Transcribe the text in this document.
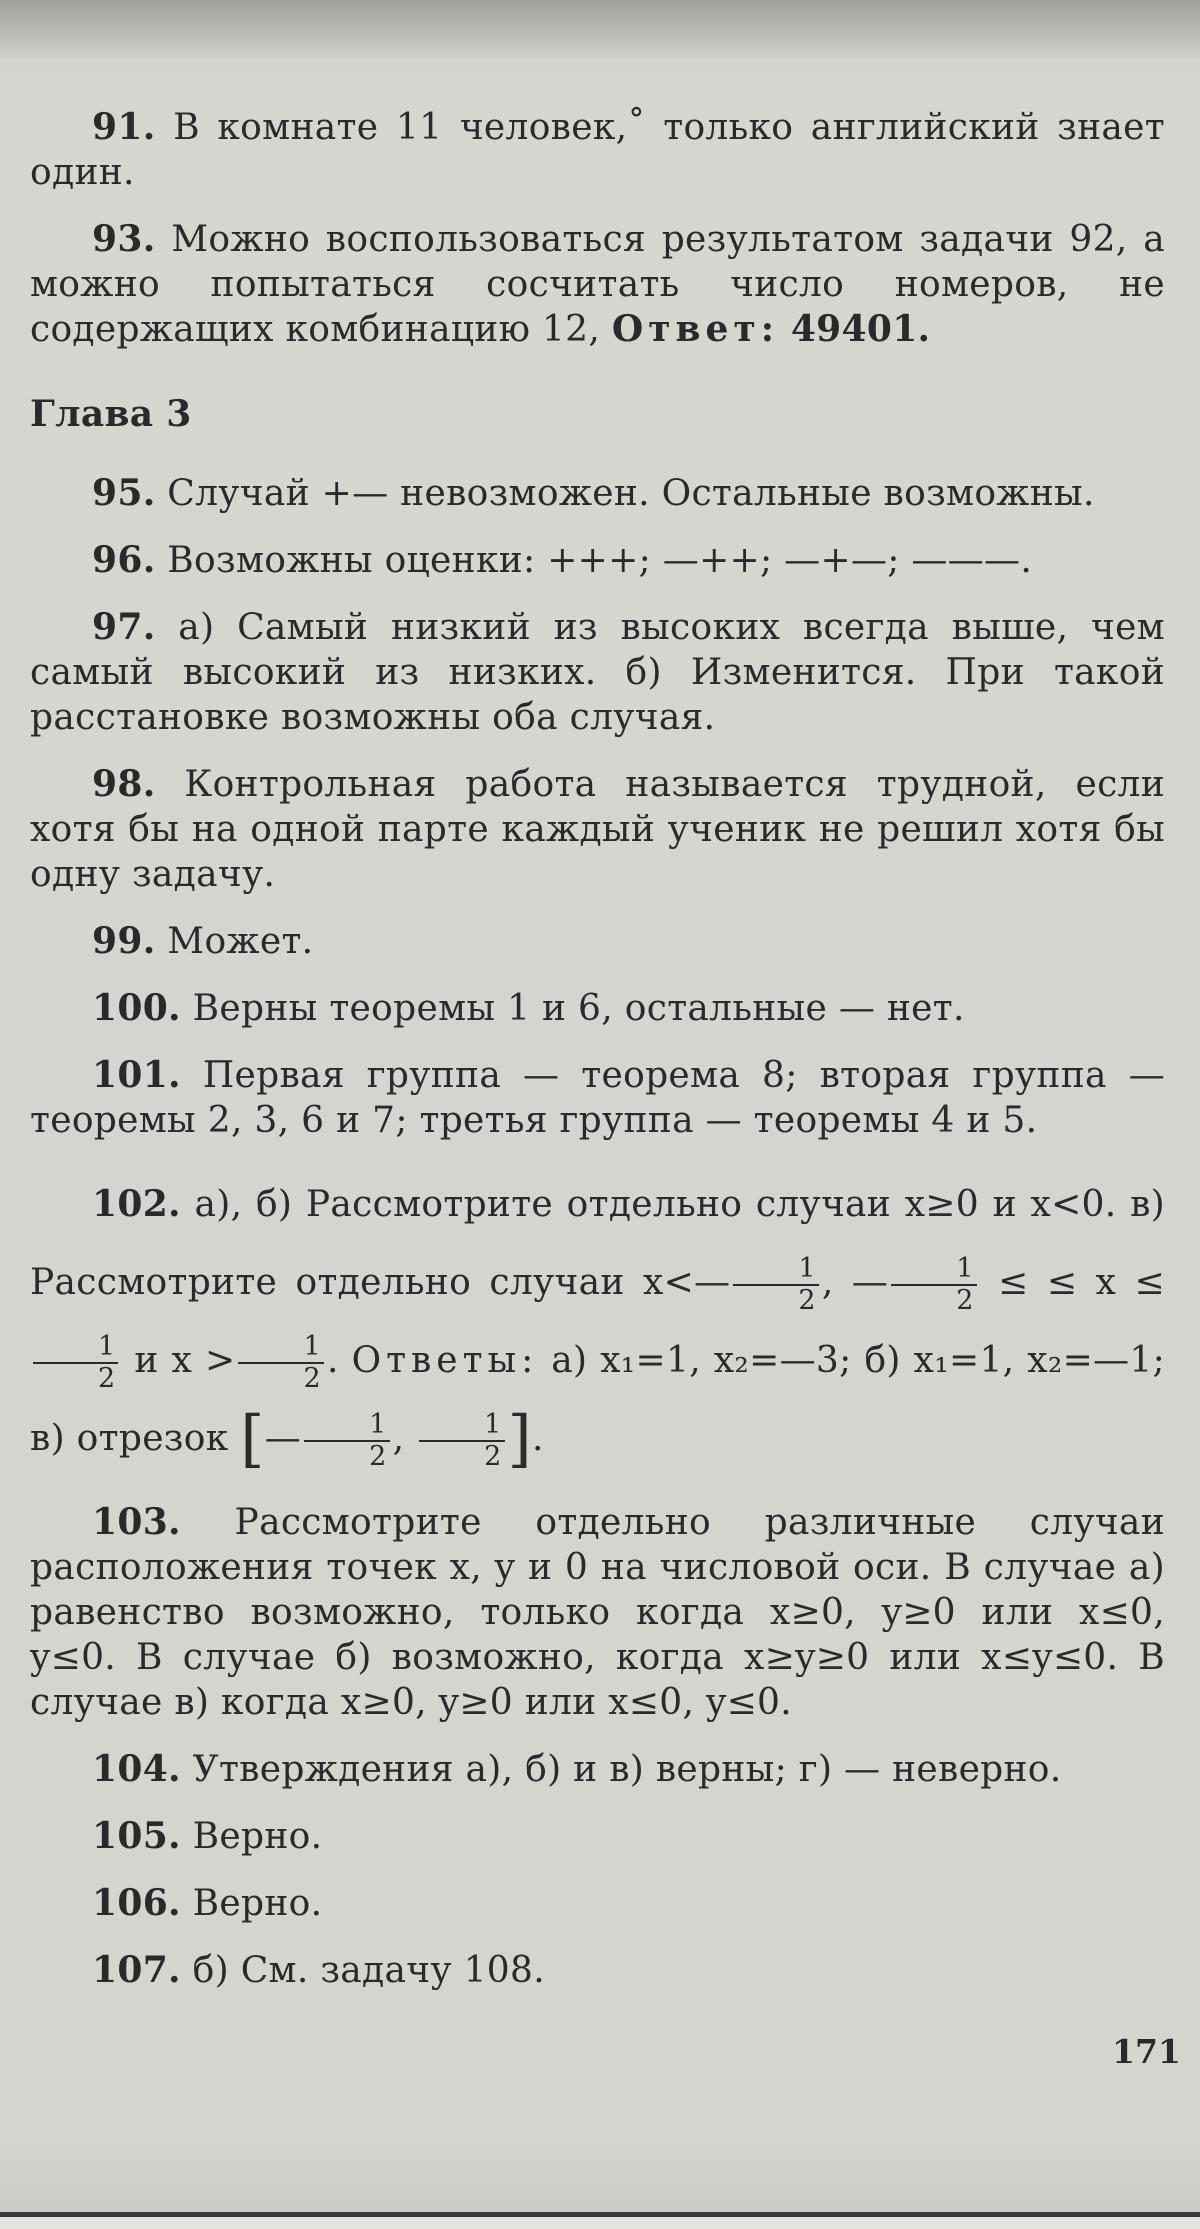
91. В комнате 11 человек,˚ только английский знает один.

93. Можно воспользоваться результатом задачи 92, а можно попытаться сосчитать число номеров, не содержащих комбинацию 12, Ответ: 49401.

Глава 3

95. Случай +— невозможен. Остальные возможны.

96. Возможны оценки: +++; —++; —+—; ———.

97. а) Самый низкий из высоких всегда выше, чем самый высокий из низких. б) Изменится. При такой расстановке возможны оба случая.

98. Контрольная работа называется трудной, если хотя бы на одной парте каждый ученик не решил хотя бы одну задачу.

99. Может.

100. Верны теоремы 1 и 6, остальные — нет.

101. Первая группа — теорема 8; вторая группа — теоремы 2, 3, 6 и 7; третья группа — теоремы 4 и 5.

102. а), б) Рассмотрите отдельно случаи x≥0 и x<0. в) Рассмотрите отдельно случаи x<— $\frac{1}{2}$ , — $\frac{1}{2}$ ≤ ≤ x ≤
$\frac{1}{2}$ и $x > \frac{1}{2}$ . Ответы: а) x₁=1, x₂=—3; б) x₁=1, x₂=—1; в) отрезок [— $\frac{1}{2}$ , $\frac{1}{2}$ ].

103. Рассмотрите отдельно различные случаи расположения точек x, y и 0 на числовой оси. В случае а) равенство возможно, только когда x≥0, y≥0 или x≤0, y≤0. В случае б) возможно, когда x≥y≥0 или x≤y≤0. В случае в) когда x≥0, y≥0 или x≤0, y≤0.

104. Утверждения а), б) и в) верны; г) — неверно.

105. Верно.

106. Верно.

107. б) См. задачу 108.

171
